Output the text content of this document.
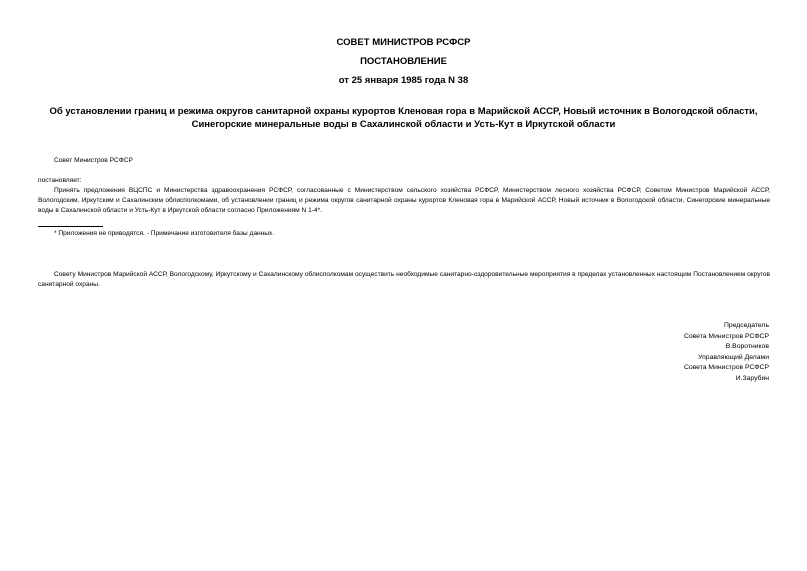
СОВЕТ МИНИСТРОВ РСФСР
ПОСТАНОВЛЕНИЕ
от 25 января 1985 года N 38
Об установлении границ и режима округов санитарной охраны курортов Кленовая гора в Марийской АССР, Новый источник в Вологодской области, Синегорские минеральные воды в Сахалинской области и Усть-Кут в Иркутской области
Совет Министров РСФСР
постановляет:
Принять предложения ВЦСПС и Министерства здравоохранения РСФСР, согласованные с Министерством сельского хозяйства РСФСР, Министерством лесного хозяйства РСФСР, Советом Министров Марийской АССР, Вологодским, Иркутским и Сахалинским облисполкомами, об установлении границ и режима округов санитарной охраны курортов Кленовая гора в Марийской АССР, Новый источник в Вологодской области, Синегорские минеральные воды в Сахалинской области и Усть-Кут в Иркутской области согласно Приложениям N 1-4*.
* Приложения не приводятся. - Примечание изготовителя базы данных.
Совету Министров Марийской АССР, Вологодскому, Иркутскому и Сахалинскому облисполкомам осуществить необходимые санитарно-оздоровительные мероприятия в пределах установленных настоящим Постановлением округов санитарной охраны.
Председатель
Совета Министров РСФСР
В.Воротников
Управляющий Делами
Совета Министров РСФСР
И.Зарубин
